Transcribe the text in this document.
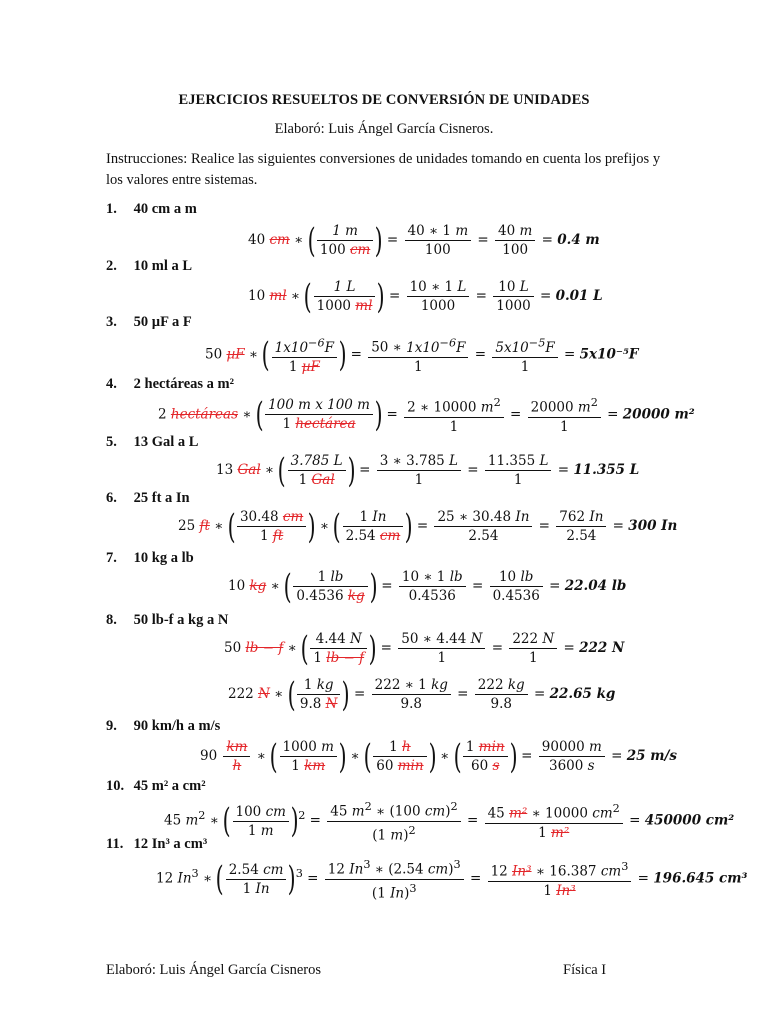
EJERCICIOS RESUELTOS DE CONVERSIÓN DE UNIDADES
Elaboró: Luis Ángel García Cisneros.
Instrucciones: Realice las siguientes conversiones de unidades tomando en cuenta los prefijos y los valores entre sistemas.
1. 40 cm a m
40 cm ∗ ( $\frac{1 m}{100 cm}$ ) = $\frac{40 ∗ 1 m}{100} = \frac{40 m}{100} = 0.4$ m
2. 10 ml a L
10 ml ∗ ( $\frac{1 L}{1000 ml}$ ) = $\frac{10 ∗ 1 L}{1000} = \frac{10 L}{1000} = 0.01$ L
3. 50 µF a F
50 µF ∗ ( $\frac{1x10^{-6}F}{\text{1 µF}}$ ) = $\frac{50 ∗ 1x10^{-6}F}{1} = \frac{5x10^{-5}F}{1} = 5x10^{-5}F$
4. 2 hectáreas a m²
2 hectáreas ∗ ( $\frac{\text{100 m x 100 m}}{\text{1 hectárea}}$ ) = $\frac{2 ∗ 10000 m^2}{1} = \frac{20000 m^2}{1} = 20000$ m²
5. 13 Gal a L
13 Gal ∗ ( $\frac{3.785 L}{\text{1 Gal}}$ ) = $\frac{3 ∗ 3.785 L}{1} = \frac{11.355 L}{1} = 11.355$ L
6. 25 ft a In
25 ft ∗ ( $\frac{30.48 cm}{1 ft}$ ) ∗ ( $\frac{1 In}{2.54 cm}$ ) = $\frac{25 ∗ 30.48 In}{2.54} = \frac{762 In}{2.54} = 300$ In
7. 10 kg a lb
10 kg ∗ ( $\frac{1 lb}{0.4536 kg}$ ) = $\frac{10 ∗ 1 lb}{0.4536} = \frac{10 lb}{0.4536} = 22.04$ lb
8. 50 lb-f a kg a N
50 lb − f ∗ ( $\frac{4.44 N}{1 lb - f}$ ) = $\frac{50 ∗ 4.44 N}{1} = \frac{222 N}{1} = 222$ N
222 N ∗ ( $\frac{1 kg}{9.8 N}$ ) = $\frac{222 ∗ 1 kg}{9.8} = \frac{222 kg}{9.8} = 22.65$ kg
9. 90 km/h a m/s
$90 \frac{km}{h}$ ∗ ( $\frac{1000 m}{1 km}$ ) ∗ ( $\frac{1 h}{60 \min}$ ) ∗ ( $\frac{1 \min}{60 s}$ ) = $\frac{90000 m}{3600 s} = 25$ m/s
10. 45 m² a cm²
45 $m^2$ ∗ ( $\frac{100 cm}{1 m} )^2 = \frac{45 m^2 ∗ (100 cm)^2}{(1 m)^2} = \frac{45 m^2 ∗ 10000 cm^2}{\text{1 m²}} = 450000$ cm²
11. 12 In³ a cm³
12 In$^3$ ∗ ( $\frac{2.54 cm}{1 In} )^3 = \frac{12 In^3 ∗ (2.54 cm)^3}{(1 In)^3} = \frac{12 In^3 ∗ 16.387 cm^3}{\text{1 In³}} = 196.645$ cm³
Elaboró: Luis Ángel García Cisneros	Física I
